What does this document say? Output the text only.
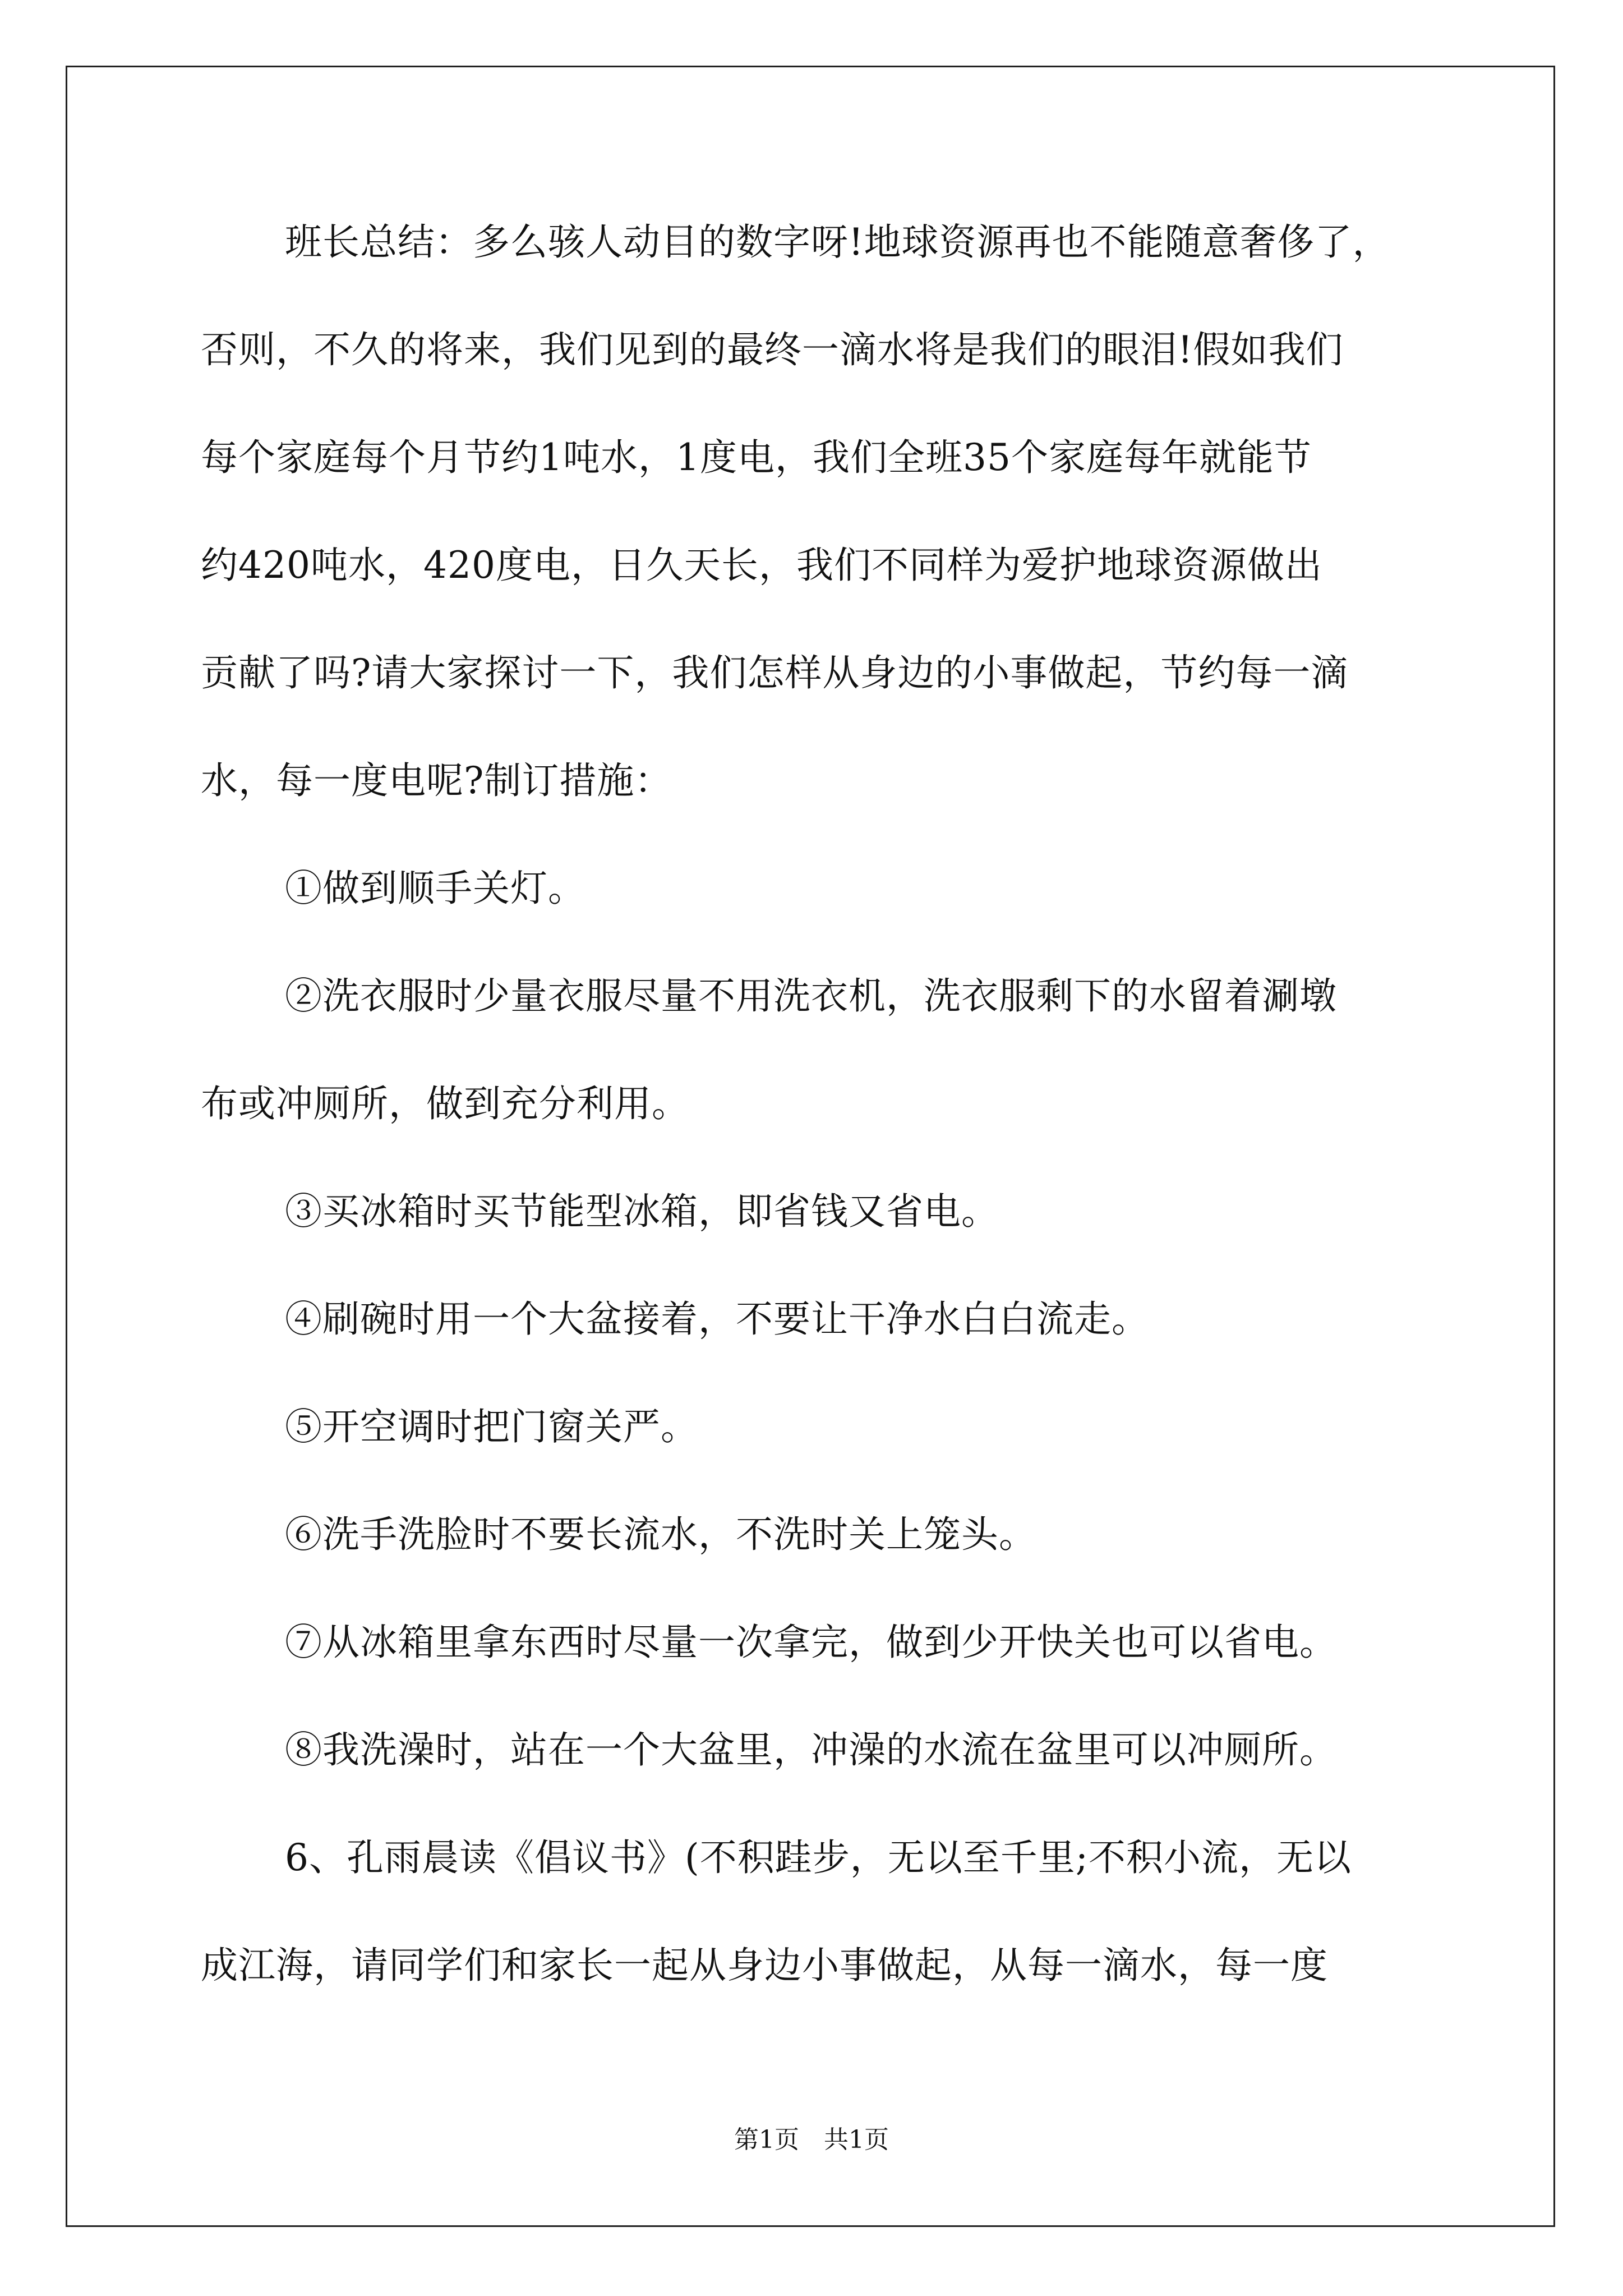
班长总结：多么骇人动目的数字呀!地球资源再也不能随意奢侈了，
否则，不久的将来，我们见到的最终一滴水将是我们的眼泪!假如我们
每个家庭每个月节约1吨水，1度电，我们全班35个家庭每年就能节
约420吨水，420度电，日久天长，我们不同样为爱护地球资源做出
贡献了吗?请大家探讨一下，我们怎样从身边的小事做起，节约每一滴
水，每一度电呢?制订措施：
①做到顺手关灯。
②洗衣服时少量衣服尽量不用洗衣机，洗衣服剩下的水留着涮墩
布或冲厕所，做到充分利用。
③买冰箱时买节能型冰箱，即省钱又省电。
④刷碗时用一个大盆接着，不要让干净水白白流走。
⑤开空调时把门窗关严。
⑥洗手洗脸时不要长流水，不洗时关上笼头。
⑦从冰箱里拿东西时尽量一次拿完，做到少开快关也可以省电。
⑧我洗澡时，站在一个大盆里，冲澡的水流在盆里可以冲厕所。
6、孔雨晨读《倡议书》(不积跬步，无以至千里;不积小流，无以
成江海，请同学们和家长一起从身边小事做起，从每一滴水，每一度
第1页　共1页
